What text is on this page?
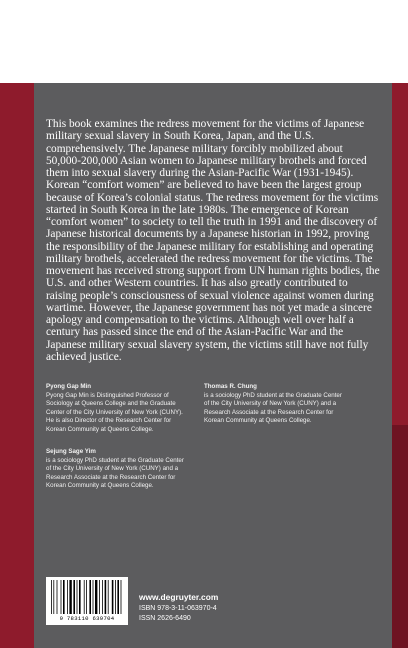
This book examines the redress movement for the victims of Japanese military sexual slavery in South Korea, Japan, and the U.S. comprehensively. The Japanese military forcibly mobilized about 50,000-200,000 Asian women to Japanese military brothels and forced them into sexual slavery during the Asian-Pacific War (1931-1945). Korean “comfort women” are believed to have been the largest group because of Korea’s colonial status. The redress movement for the victims started in South Korea in the late 1980s. The emergence of Korean “comfort women” to society to tell the truth in 1991 and the discovery of Japanese historical documents by a Japanese historian in 1992, proving the responsibility of the Japanese military for establishing and operating military brothels, accelerated the redress movement for the victims. The movement has received strong support from UN human rights bodies, the U.S. and other Western countries. It has also greatly contributed to raising people’s consciousness of sexual violence against women during wartime. However, the Japanese government has not yet made a sincere apology and compensation to the victims. Although well over half a century has passed since the end of the Asian-Pacific War and the Japanese military sexual slavery system, the victims still have not fully achieved justice.

Pyong Gap Min
Pyong Gap Min is Distinguished Professor of Sociology at Queens College and the Graduate Center of the City University of New York (CUNY). He is also Director of the Research Center for Korean Community at Queens College.
Thomas R. Chung
is a sociology PhD student at the Graduate Center of the City University of New York (CUNY) and a Research Associate at the Research Center for Korean Community at Queens College.
Sejung Sage Yim
is a sociology PhD student at the Graduate Center of the City University of New York (CUNY) and a Research Associate at the Research Center for Korean Community at Queens College.
9 783110 639704
www.degruyter.com
ISBN 978-3-11-063970-4
ISSN 2626-6490
